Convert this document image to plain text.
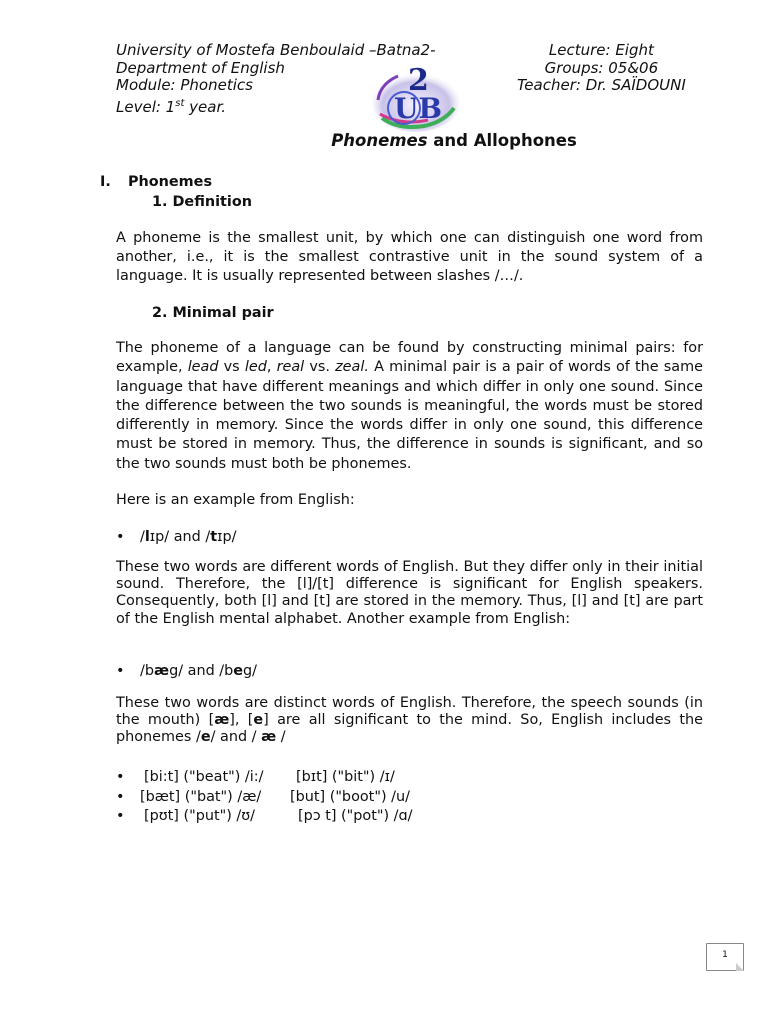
University of Mostefa Benboulaid –Batna2-
Department of English
Module: Phonetics
Level: 1st year.
Lecture: Eight
Groups: 05&06
Teacher: Dr. SAÏDOUNI
2
UB
Phonemes and Allophones
I. Phonemes
1. Definition

A phoneme is the smallest unit, by which one can distinguish one word from another, i.e., it is the smallest contrastive unit in the sound system of a language. It is usually represented between slashes /…/.

2. Minimal pair

The phoneme of a language can be found by constructing minimal pairs: for example, lead vs led, real vs. zeal. A minimal pair is a pair of words of the same language that have different meanings and which differ in only one sound. Since the difference between the two sounds is meaningful, the words must be stored differently in memory. Since the words differ in only one sound, this difference must be stored in memory. Thus, the difference in sounds is significant, and so the two sounds must both be phonemes.

Here is an example from English:
• /lɪp/ and /tɪp/

These two words are different words of English. But they differ only in their initial sound. Therefore, the [l]/[t] difference is significant for English speakers. Consequently, both [l] and [t] are stored in the memory. Thus, [l] and [t] are part of the English mental alphabet. Another example from English:

• /bæg/ and /beg/

These two words are distinct words of English. Therefore, the speech sounds (in the mouth) [æ], [e] are all significant to the mind. So, English includes the phonemes /e/ and / æ /

• [bi:t] ("beat") /i:/ [bɪt] ("bit") /ɪ/
• [bæt] ("bat") /æ/ [but] ("boot") /u/
• [pʊt] ("put") /ʊ/	[pɔ t] ("pot") /ɑ/
1
